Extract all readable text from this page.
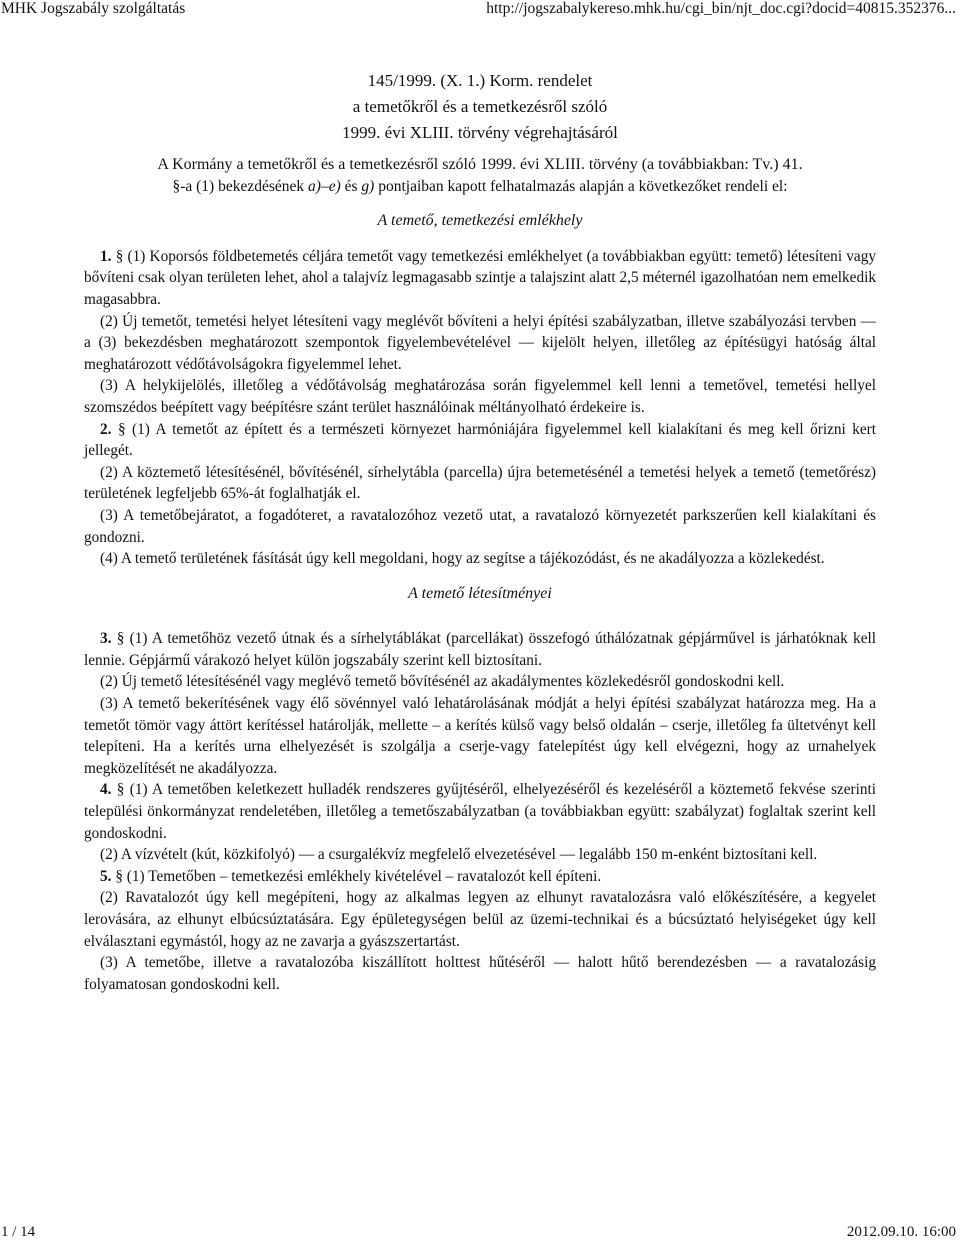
MHK Jogszabály szolgáltatás	http://jogszabalykereso.mhk.hu/cgi_bin/njt_doc.cgi?docid=40815.352376...
145/1999. (X. 1.) Korm. rendelet
a temetőkről és a temetkezésről szóló
1999. évi XLIII. törvény végrehajtásáról

A Kormány a temetőkről és a temetkezésről szóló 1999. évi XLIII. törvény (a továbbiakban: Tv.) 41.

§-a (1) bekezdésének a)–e) és g) pontjaiban kapott felhatalmazás alapján a következőket rendeli el:

A temető, temetkezési emlékhely

1. § (1) Koporsós földbetemetés céljára temetőt vagy temetkezési emlékhelyet (a továbbiakban együtt: temető) létesíteni vagy bővíteni csak olyan területen lehet, ahol a talajvíz legmagasabb szintje a talajszint alatt 2,5 méternél igazolhatóan nem emelkedik magasabbra.

(2) Új temetőt, temetési helyet létesíteni vagy meglévőt bővíteni a helyi építési szabályzatban, illetve szabályozási tervben — a (3) bekezdésben meghatározott szempontok figyelembevételével — kijelölt helyen, illetőleg az építésügyi hatóság által meghatározott védőtávolságokra figyelemmel lehet.

(3) A helykijelölés, illetőleg a védőtávolság meghatározása során figyelemmel kell lenni a temetővel, temetési hellyel szomszédos beépített vagy beépítésre szánt terület használóinak méltányolható érdekeire is.

2. § (1) A temetőt az épített és a természeti környezet harmóniájára figyelemmel kell kialakítani és meg kell őrizni kert jellegét.

(2) A köztemető létesítésénél, bővítésénél, sírhelytábla (parcella) újra betemetésénél a temetési helyek a temető (temetőrész) területének legfeljebb 65%-át foglalhatják el.

(3) A temetőbejáratot, a fogadóteret, a ravatalozóhoz vezető utat, a ravatalozó környezetét parkszerűen kell kialakítani és gondozni.

(4) A temető területének fásítását úgy kell megoldani, hogy az segítse a tájékozódást, és ne akadályozza a közlekedést.

A temető létesítményei

3. § (1) A temetőhöz vezető útnak és a sírhelytáblákat (parcellákat) összefogó úthálózatnak gépjárművel is járhatóknak kell lennie. Gépjármű várakozó helyet külön jogszabály szerint kell biztosítani.

(2) Új temető létesítésénél vagy meglévő temető bővítésénél az akadálymentes közlekedésről gondoskodni kell.

(3) A temető bekerítésének vagy élő sövénnyel való lehatárolásának módját a helyi építési szabályzat határozza meg. Ha a temetőt tömör vagy áttört kerítéssel határolják, mellette – a kerítés külső vagy belső oldalán – cserje, illetőleg fa ültetvényt kell telepíteni. Ha a kerítés urna elhelyezését is szolgálja a cserje-vagy fatelepítést úgy kell elvégezni, hogy az urnahelyek megközelítését ne akadályozza.

4. § (1) A temetőben keletkezett hulladék rendszeres gyűjtéséről, elhelyezéséről és kezeléséről a köztemető fekvése szerinti települési önkormányzat rendeletében, illetőleg a temetőszabályzatban (a továbbiakban együtt: szabályzat) foglaltak szerint kell gondoskodni.

(2) A vízvételt (kút, közkifolyó) — a csurgalékvíz megfelelő elvezetésével — legalább 150 m-enként biztosítani kell.

5. § (1) Temetőben – temetkezési emlékhely kivételével – ravatalozót kell építeni.

(2) Ravatalozót úgy kell megépíteni, hogy az alkalmas legyen az elhunyt ravatalozásra való előkészítésére, a kegyelet lerovására, az elhunyt elbúcsúztatására. Egy épületegységen belül az üzemi-technikai és a búcsúztató helyiségeket úgy kell elválasztani egymástól, hogy az ne zavarja a gyászszertartást.

(3) A temetőbe, illetve a ravatalozóba kiszállított holttest hűtéséről — halott hűtő berendezésben — a ravatalozásig folyamatosan gondoskodni kell.

1 / 14	2012.09.10. 16:00
